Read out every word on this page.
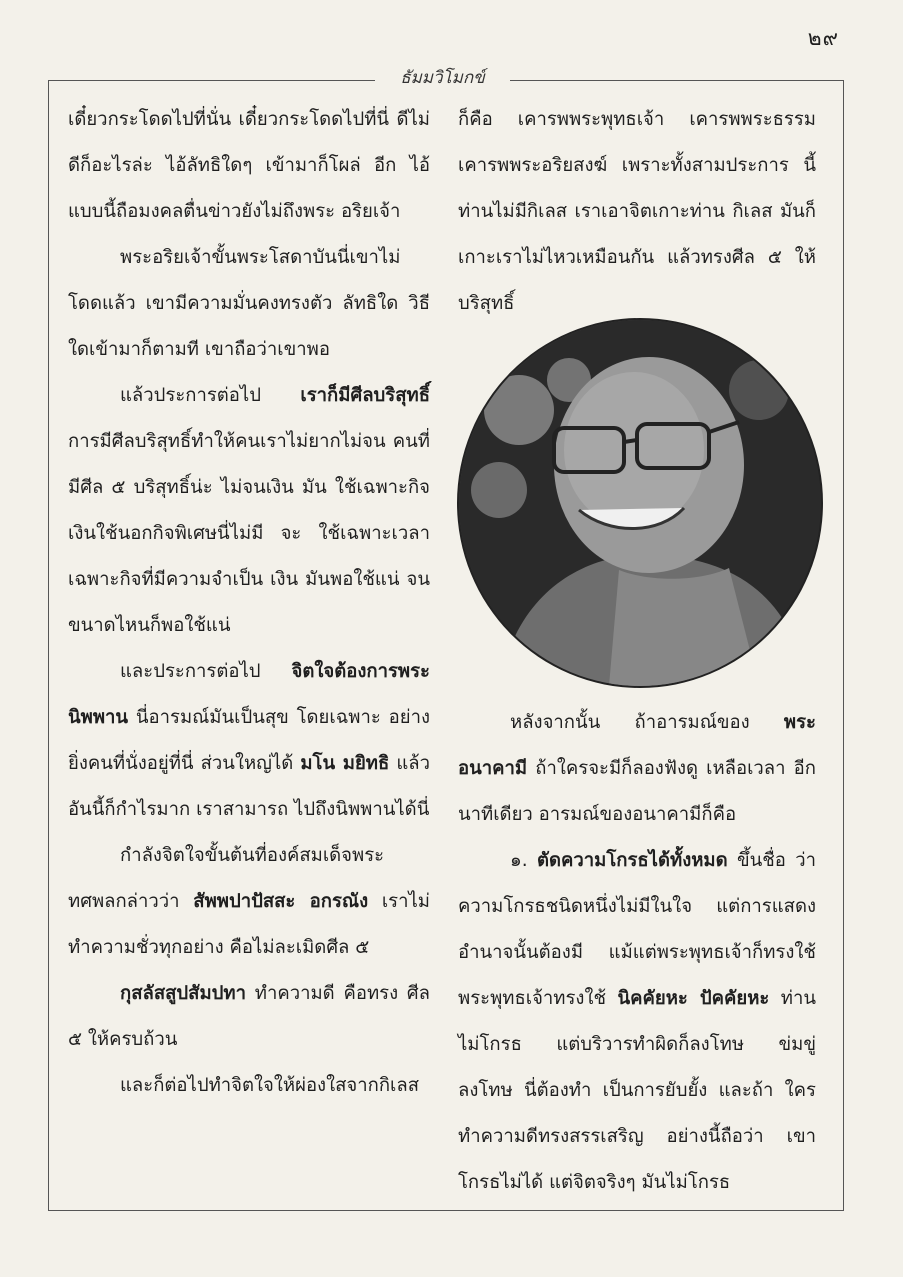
๒๙
ธัมมวิโมกข์

เดี๋ยวกระโดดไปที่นั่น เดี๋ยวกระโดดไปที่นี่ ดีไม่ดีก็อะไรล่ะ ไอ้ลัทธิใดๆ เข้ามาก็โผล่ อีก ไอ้แบบนี้ถือมงคลตื่นข่าวยังไม่ถึงพระ อริยเจ้า

พระอริยเจ้าขั้นพระโสดาบันนี่เขาไม่ โดดแล้ว เขามีความมั่นคงทรงตัว ลัทธิใด วิธีใดเข้ามาก็ตามที เขาถือว่าเขาพอ

แล้วประการต่อไป เราก็มีศีลบริสุทธิ์ การมีศีลบริสุทธิ์ทำให้คนเราไม่ยากไม่จน คนที่มีศีล ๕ บริสุทธิ์น่ะ ไม่จนเงิน มัน ใช้เฉพาะกิจ เงินใช้นอกกิจพิเศษนี่ไม่มี จะ ใช้เฉพาะเวลาเฉพาะกิจที่มีความจำเป็น เงิน มันพอใช้แน่ จนขนาดไหนก็พอใช้แน่

และประการต่อไป จิตใจต้องการพระ นิพพาน นี่อารมณ์มันเป็นสุข โดยเฉพาะ อย่างยิ่งคนที่นั่งอยู่ที่นี่ ส่วนใหญ่ได้ มโน มยิทธิ แล้ว อันนี้ก็กำไรมาก เราสามารถ ไปถึงนิพพานได้นี่

กำลังจิตใจขั้นต้นที่องค์สมเด็จพระ ทศพลกล่าวว่า สัพพปาปัสสะ อกรณัง เราไม่ทำความชั่วทุกอย่าง คือไม่ละเมิดศีล ๕

กุสลัสสูปสัมปทา ทำความดี คือทรง ศีล ๕ ให้ครบถ้วน

และก็ต่อไปทำจิตใจให้ผ่องใสจากกิเลส

ก็คือ เคารพพระพุทธเจ้า เคารพพระธรรม เคารพพระอริยสงฆ์ เพราะทั้งสามประการ นี้ท่านไม่มีกิเลส เราเอาจิตเกาะท่าน กิเลส มันก็เกาะเราไม่ไหวเหมือนกัน แล้วทรงศีล ๕ ให้บริสุทธิ์

หลังจากนั้น ถ้าอารมณ์ของ พระ อนาคามี ถ้าใครจะมีก็ลองฟังดู เหลือเวลา อีกนาทีเดียว อารมณ์ของอนาคามีก็คือ

๑. ตัดความโกรธได้ทั้งหมด ขึ้นชื่อ ว่าความโกรธชนิดหนึ่งไม่มีในใจ แต่การแสดง อำนาจนั้นต้องมี แม้แต่พระพุทธเจ้าก็ทรงใช้ พระพุทธเจ้าทรงใช้ นิคคัยหะ ปัคคัยหะ ท่านไม่โกรธ แต่บริวารทำผิดก็ลงโทษ ข่มขู่ ลงโทษ นี่ต้องทำ เป็นการยับยั้ง และถ้า ใครทำความดีทรงสรรเสริญ อย่างนี้ถือว่า เขาโกรธไม่ได้ แต่จิตจริงๆ มันไม่โกรธ
